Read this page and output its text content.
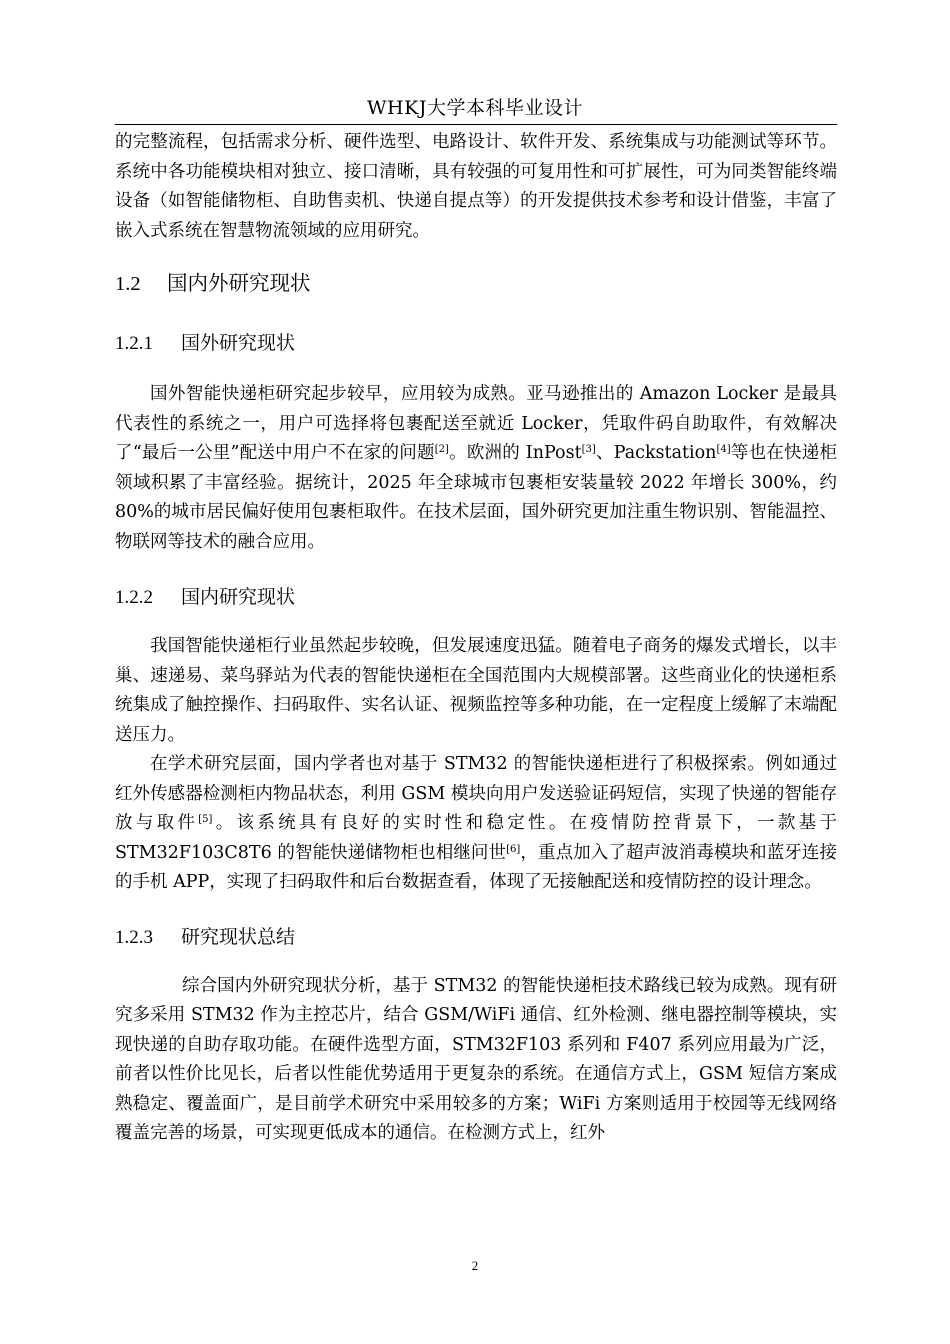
WHKJ大学本科毕业设计

的完整流程，包括需求分析、硬件选型、电路设计、软件开发、系统集成与功能测试等环节。系统中各功能模块相对独立、接口清晰，具有较强的可复用性和可扩展性，可为同类智能终端设备（如智能储物柜、自助售卖机、快递自提点等）的开发提供技术参考和设计借鉴，丰富了嵌入式系统在智慧物流领域的应用研究。

1.2 国内外研究现状
1.2.1 国外研究现状

国外智能快递柜研究起步较早，应用较为成熟。亚马逊推出的 Amazon Locker 是最具代表性的系统之一，用户可选择将包裹配送至就近 Locker，凭取件码自助取件，有效解决了“最后一公里”配送中用户不在家的问题[2]。欧洲的 InPost[3]、Packstation[4]等也在快递柜领域积累了丰富经验。据统计，2025 年全球城市包裹柜安装量较 2022 年增长 300%，约 80%的城市居民偏好使用包裹柜取件。在技术层面，国外研究更加注重生物识别、智能温控、物联网等技术的融合应用。

1.2.2 国内研究现状

我国智能快递柜行业虽然起步较晚，但发展速度迅猛。随着电子商务的爆发式增长，以丰巢、速递易、菜鸟驿站为代表的智能快递柜在全国范围内大规模部署。这些商业化的快递柜系统集成了触控操作、扫码取件、实名认证、视频监控等多种功能，在一定程度上缓解了末端配送压力。

在学术研究层面，国内学者也对基于 STM32 的智能快递柜进行了积极探索。例如通过红外传感器检测柜内物品状态，利用 GSM 模块向用户发送验证码短信，实现了快递的智能存放与取件[5]。该系统具有良好的实时性和稳定性。在疫情防控背景下，一款基于 STM32F103C8T6 的智能快递储物柜也相继问世[6]，重点加入了超声波消毒模块和蓝牙连接的手机 APP，实现了扫码取件和后台数据查看，体现了无接触配送和疫情防控的设计理念。

1.2.3 研究现状总结

综合国内外研究现状分析，基于 STM32 的智能快递柜技术路线已较为成熟。现有研究多采用 STM32 作为主控芯片，结合 GSM/WiFi 通信、红外检测、继电器控制等模块，实现快递的自助存取功能。在硬件选型方面，STM32F103 系列和 F407 系列应用最为广泛，前者以性价比见长，后者以性能优势适用于更复杂的系统。在通信方式上，GSM 短信方案成熟稳定、覆盖面广，是目前学术研究中采用较多的方案；WiFi 方案则适用于校园等无线网络覆盖完善的场景，可实现更低成本的通信。在检测方式上，红外

2
